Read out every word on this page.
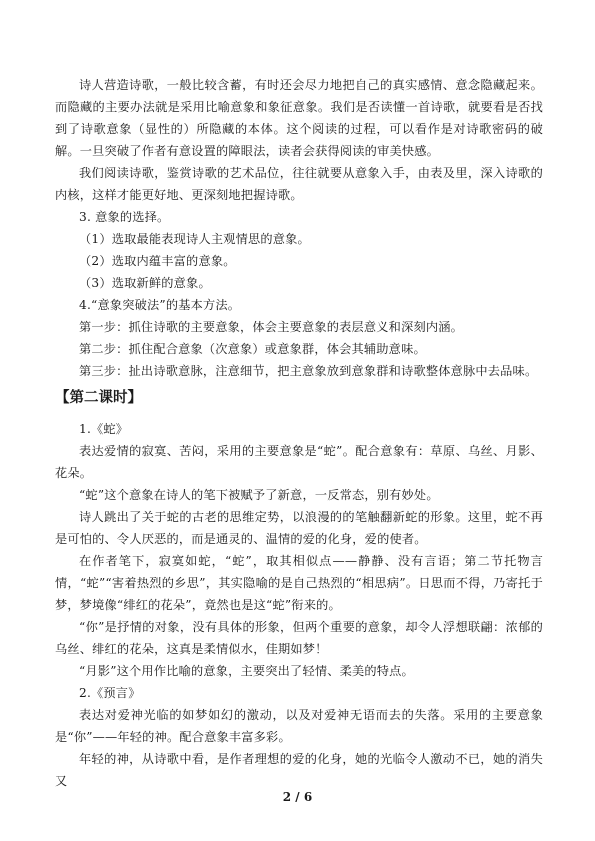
诗人营造诗歌，一般比较含蓄，有时还会尽力地把自己的真实感情、意念隐藏起来。而隐藏的主要办法就是采用比喻意象和象征意象。我们是否读懂一首诗歌，就要看是否找到了诗歌意象（显性的）所隐藏的本体。这个阅读的过程，可以看作是对诗歌密码的破解。一旦突破了作者有意设置的障眼法，读者会获得阅读的审美快感。

我们阅读诗歌，鉴赏诗歌的艺术品位，往往就要从意象入手，由表及里，深入诗歌的内核，这样才能更好地、更深刻地把握诗歌。

3. 意象的选择。

（1）选取最能表现诗人主观情思的意象。

（2）选取内蕴丰富的意象。

（3）选取新鲜的意象。

4.“意象突破法”的基本方法。

第一步：抓住诗歌的主要意象，体会主要意象的表层意义和深刻内涵。

第二步：抓住配合意象（次意象）或意象群，体会其辅助意味。

第三步：扯出诗歌意脉，注意细节，把主意象放到意象群和诗歌整体意脉中去品味。

【第二课时】

1.《蛇》

表达爱情的寂寞、苦闷，采用的主要意象是“蛇”。配合意象有：草原、乌丝、月影、花朵。

“蛇”这个意象在诗人的笔下被赋予了新意，一反常态，别有妙处。

诗人跳出了关于蛇的古老的思维定势，以浪漫的的笔触翻新蛇的形象。这里，蛇不再是可怕的、令人厌恶的，而是通灵的、温情的爱的化身，爱的使者。

在作者笔下，寂寞如蛇，“蛇”，取其相似点——静静、没有言语；第二节托物言情，“蛇”“害着热烈的乡思”，其实隐喻的是自己热烈的“相思病”。日思而不得，乃寄托于梦，梦境像“绯红的花朵”，竟然也是这“蛇”衔来的。

“你”是抒情的对象，没有具体的形象，但两个重要的意象，却令人浮想联翩：浓郁的乌丝、绯红的花朵，这真是柔情似水，佳期如梦！

“月影”这个用作比喻的意象，主要突出了轻情、柔美的特点。

2.《预言》

表达对爱神光临的如梦如幻的激动，以及对爱神无语而去的失落。采用的主要意象是“你”——年轻的神。配合意象丰富多彩。

年轻的神，从诗歌中看，是作者理想的爱的化身，她的光临令人激动不已，她的消失又

2 / 6
